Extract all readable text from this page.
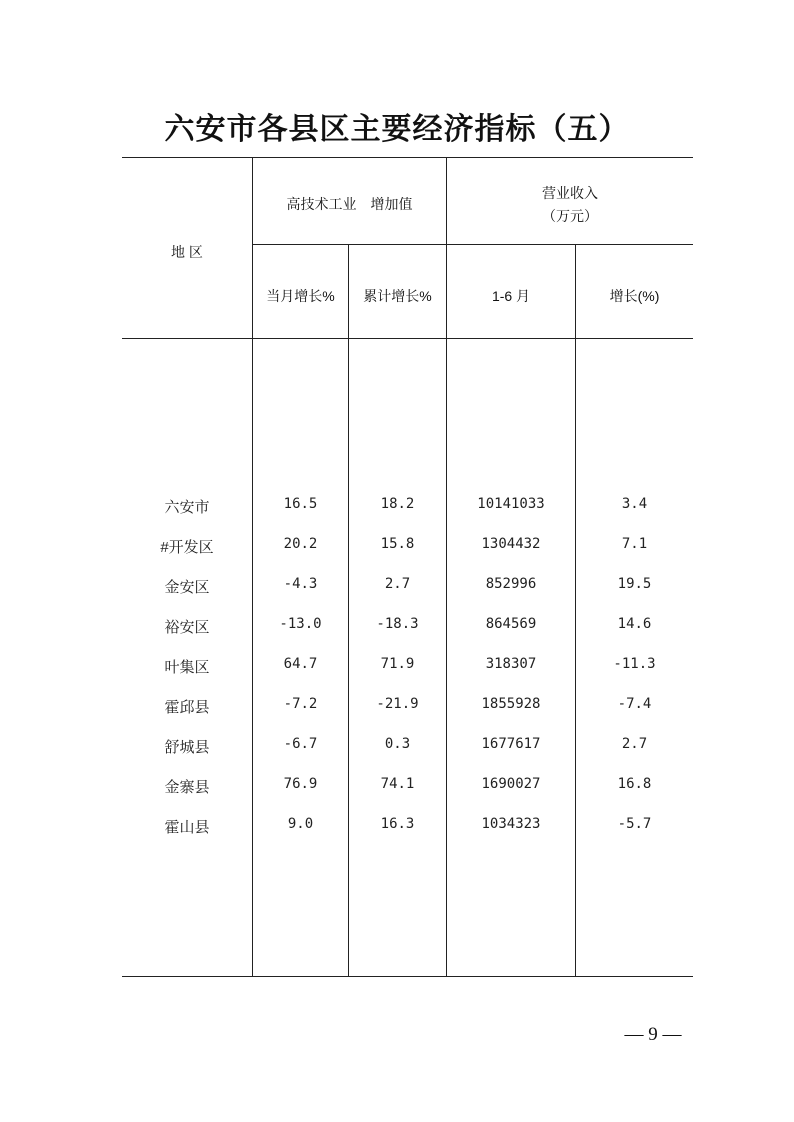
六安市各县区主要经济指标（五）
地 区
高技术工业　增加值
营业收入
（万元）
当月增长%	累计增长%	1-6 月	增长(%)
六安市	16.5	18.2	10141033	3.4
#开发区	20.2	15.8	1304432	7.1
金安区	-4.3	2.7	852996	19.5
裕安区	-13.0	-18.3	864569	14.6
叶集区	64.7	71.9	318307	-11.3
霍邱县	-7.2	-21.9	1855928	-7.4
舒城县	-6.7	0.3	1677617	2.7
金寨县	76.9	74.1	1690027	16.8
霍山县	9.0	16.3	1034323	-5.7
— 9 —
